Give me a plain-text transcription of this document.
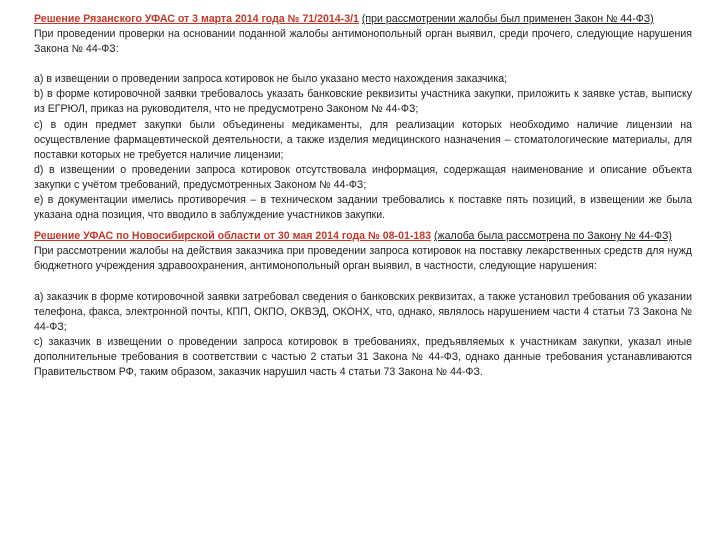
Решение Рязанского УФАС от 3 марта 2014 года № 71/2014-3/1 (при рассмотрении жалобы был применен Закон № 44-ФЗ)

При проведении проверки на основании поданной жалобы антимонопольный орган выявил, среди прочего, следующие нарушения Закона № 44-ФЗ:

а) в извещении о проведении запроса котировок не было указано место нахождения заказчика;

b) в форме котировочной заявки требовалось указать банковские реквизиты участника закупки, приложить к заявке устав, выписку из ЕГРЮЛ, приказ на руководителя, что не предусмотрено Законом № 44-ФЗ;

с) в один предмет закупки были объединены медикаменты, для реализации которых необходимо наличие лицензии на осуществление фармацевтической деятельности, а также изделия медицинского назначения – стоматологические материалы, для поставки которых не требуется наличие лицензии;

d) в извещении о проведении запроса котировок отсутствовала информация, содержащая наименование и описание объекта закупки с учётом требований, предусмотренных Законом № 44-ФЗ;

е) в документации имелись противоречия – в техническом задании требовались к поставке пять позиций, в извещении же была указана одна позиция, что вводило в заблуждение участников закупки.

Решение УФАС по Новосибирской области от 30 мая 2014 года № 08-01-183 (жалоба была рассмотрена по Закону № 44-ФЗ)

При рассмотрении жалобы на действия заказчика при проведении запроса котировок на поставку лекарственных средств для нужд бюджетного учреждения здравоохранения, антимонопольный орган выявил, в частности, следующие нарушения:

а) заказчик в форме котировочной заявки затребовал сведения о банковских реквизитах, а также установил требования об указании телефона, факса, электронной почты, КПП, ОКПО, ОКВЭД, ОКОНХ, что, однако, являлось нарушением части 4 статьи 73 Закона № 44-ФЗ;

с) заказчик в извещении о проведении запроса котировок в требованиях, предъявляемых к участникам закупки, указал иные дополнительные требования в соответствии с частью 2 статьи 31 Закона № 44-ФЗ, однако данные требования устанавливаются Правительством РФ, таким образом, заказчик нарушил часть 4 статьи 73 Закона № 44-ФЗ.
